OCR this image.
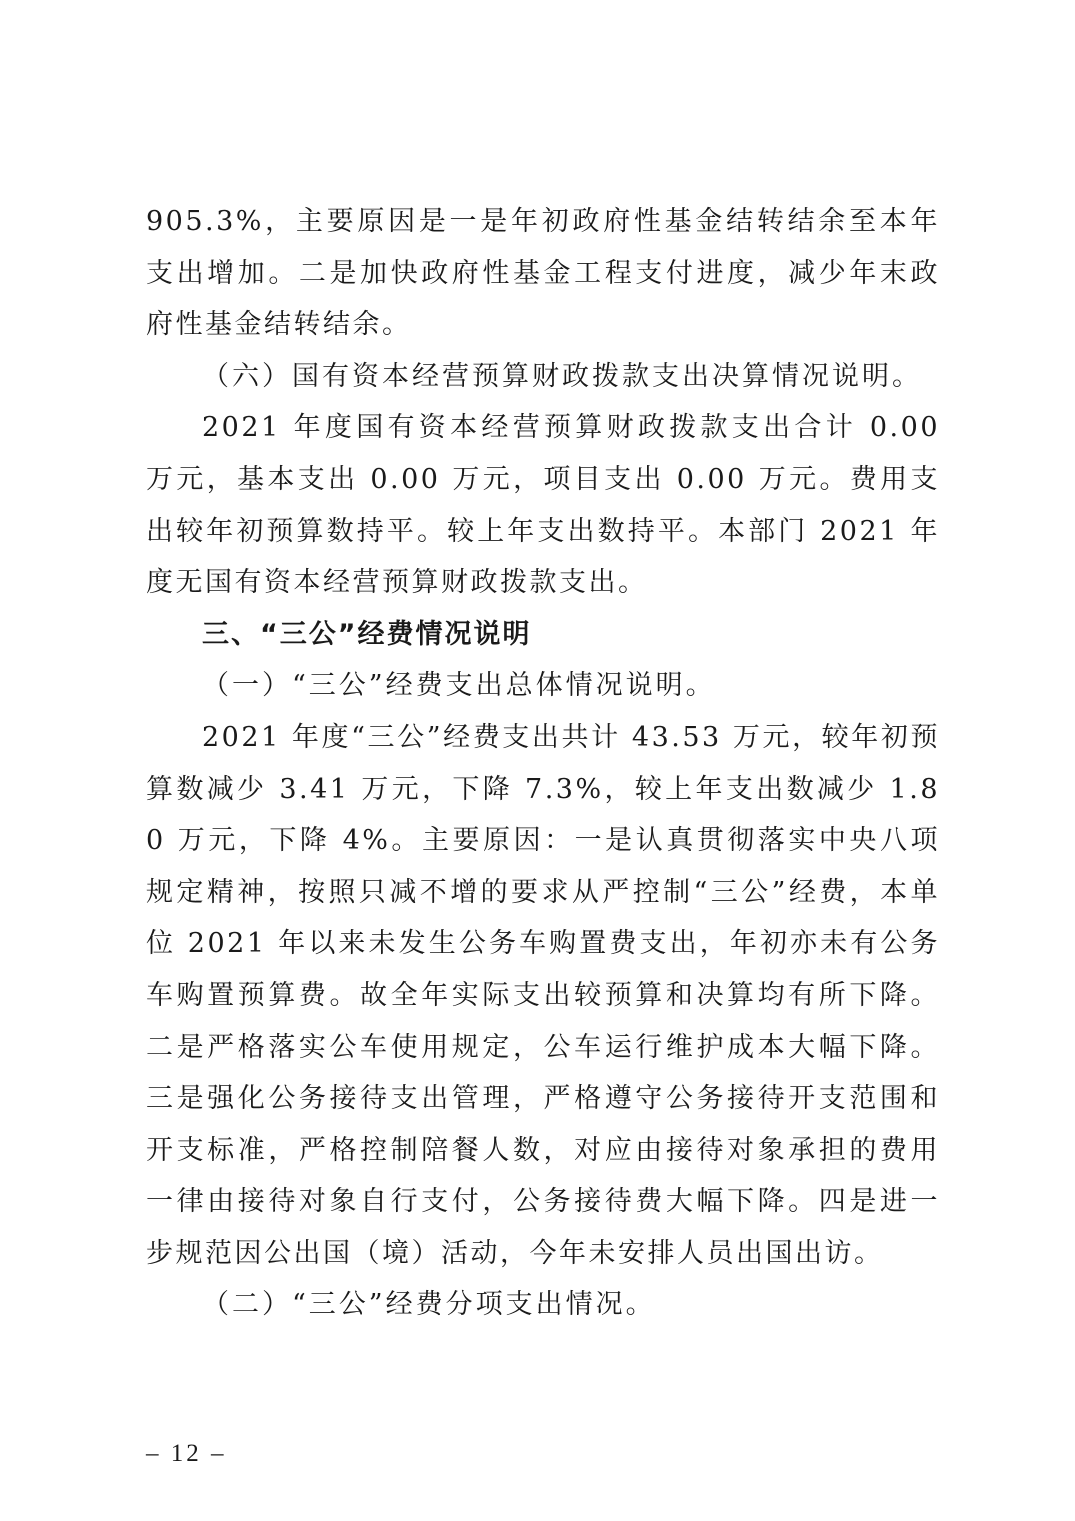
905.3%，主要原因是一是年初政府性基金结转结余至本年支出增加。二是加快政府性基金工程支付进度，减少年末政府性基金结转结余。

（六）国有资本经营预算财政拨款支出决算情况说明。

2021 年度国有资本经营预算财政拨款支出合计 0.00 万元，基本支出 0.00 万元，项目支出 0.00 万元。费用支出较年初预算数持平。较上年支出数持平。本部门 2021 年度无国有资本经营预算财政拨款支出。

三、“三公”经费情况说明

（一）“三公”经费支出总体情况说明。

2021 年度“三公”经费支出共计 43.53 万元，较年初预算数减少 3.41 万元，下降 7.3%，较上年支出数减少 1.80 万元，下降 4%。主要原因：一是认真贯彻落实中央八项规定精神，按照只减不增的要求从严控制“三公”经费，本单位 2021 年以来未发生公务车购置费支出，年初亦未有公务车购置预算费。故全年实际支出较预算和决算均有所下降。二是严格落实公车使用规定，公车运行维护成本大幅下降。三是强化公务接待支出管理，严格遵守公务接待开支范围和开支标准，严格控制陪餐人数，对应由接待对象承担的费用一律由接待对象自行支付，公务接待费大幅下降。四是进一步规范因公出国（境）活动，今年未安排人员出国出访。

（二）“三公”经费分项支出情况。

– 12 –
